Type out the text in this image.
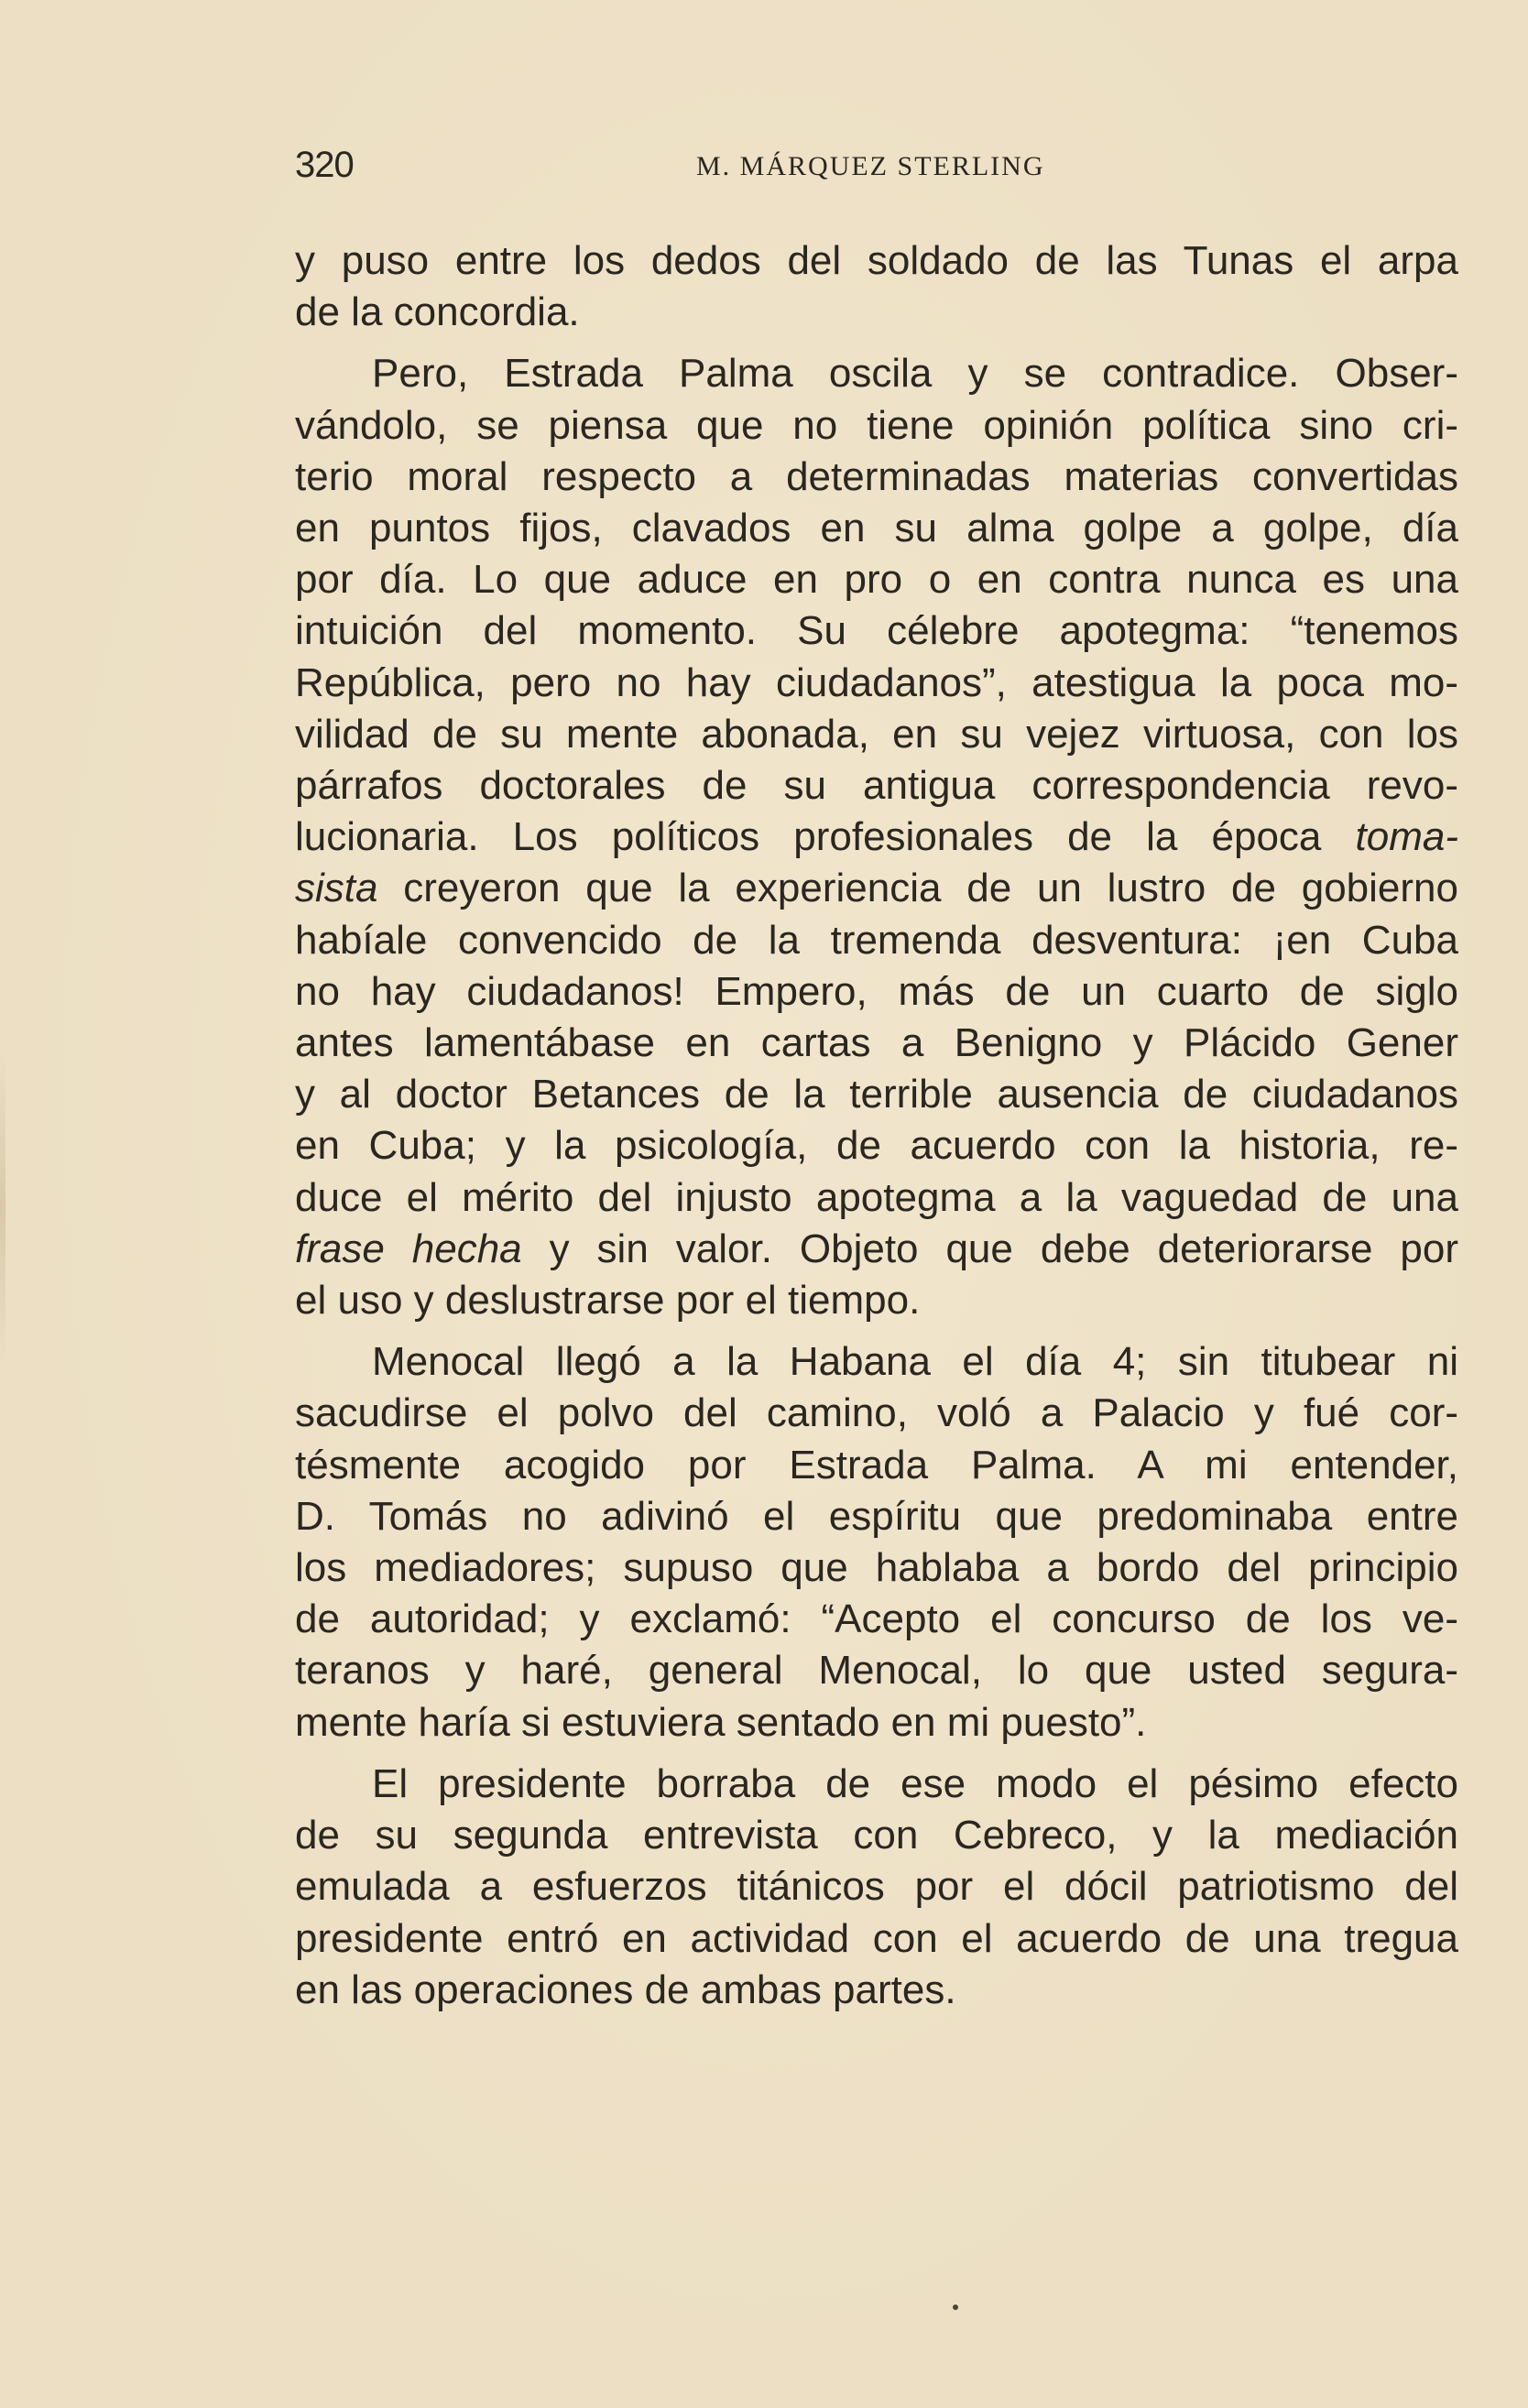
320	M. MÁRQUEZ STERLING

y puso entre los dedos del soldado de las Tunas el arpa
de la concordia.

Pero, Estrada Palma oscila y se contradice. Obser-
vándolo, se piensa que no tiene opinión política sino cri-
terio moral respecto a determinadas materias convertidas
en puntos fijos, clavados en su alma golpe a golpe, día
por día. Lo que aduce en pro o en contra nunca es una
intuición del momento. Su célebre apotegma: “tenemos
República, pero no hay ciudadanos”, atestigua la poca mo-
vilidad de su mente abonada, en su vejez virtuosa, con los
párrafos doctorales de su antigua correspondencia revo-
lucionaria. Los políticos profesionales de la época toma-
sista creyeron que la experiencia de un lustro de gobierno
habíale convencido de la tremenda desventura: ¡en Cuba
no hay ciudadanos! Empero, más de un cuarto de siglo
antes lamentábase en cartas a Benigno y Plácido Gener
y al doctor Betances de la terrible ausencia de ciudadanos
en Cuba; y la psicología, de acuerdo con la historia, re-
duce el mérito del injusto apotegma a la vaguedad de una
frase hecha y sin valor. Objeto que debe deteriorarse por
el uso y deslustrarse por el tiempo.

Menocal llegó a la Habana el día 4; sin titubear ni
sacudirse el polvo del camino, voló a Palacio y fué cor-
tésmente acogido por Estrada Palma. A mi entender,
D. Tomás no adivinó el espíritu que predominaba entre
los mediadores; supuso que hablaba a bordo del principio
de autoridad; y exclamó: “Acepto el concurso de los ve-
teranos y haré, general Menocal, lo que usted segura-
mente haría si estuviera sentado en mi puesto”.

El presidente borraba de ese modo el pésimo efecto
de su segunda entrevista con Cebreco, y la mediación
emulada a esfuerzos titánicos por el dócil patriotismo del
presidente entró en actividad con el acuerdo de una tregua
en las operaciones de ambas partes.
